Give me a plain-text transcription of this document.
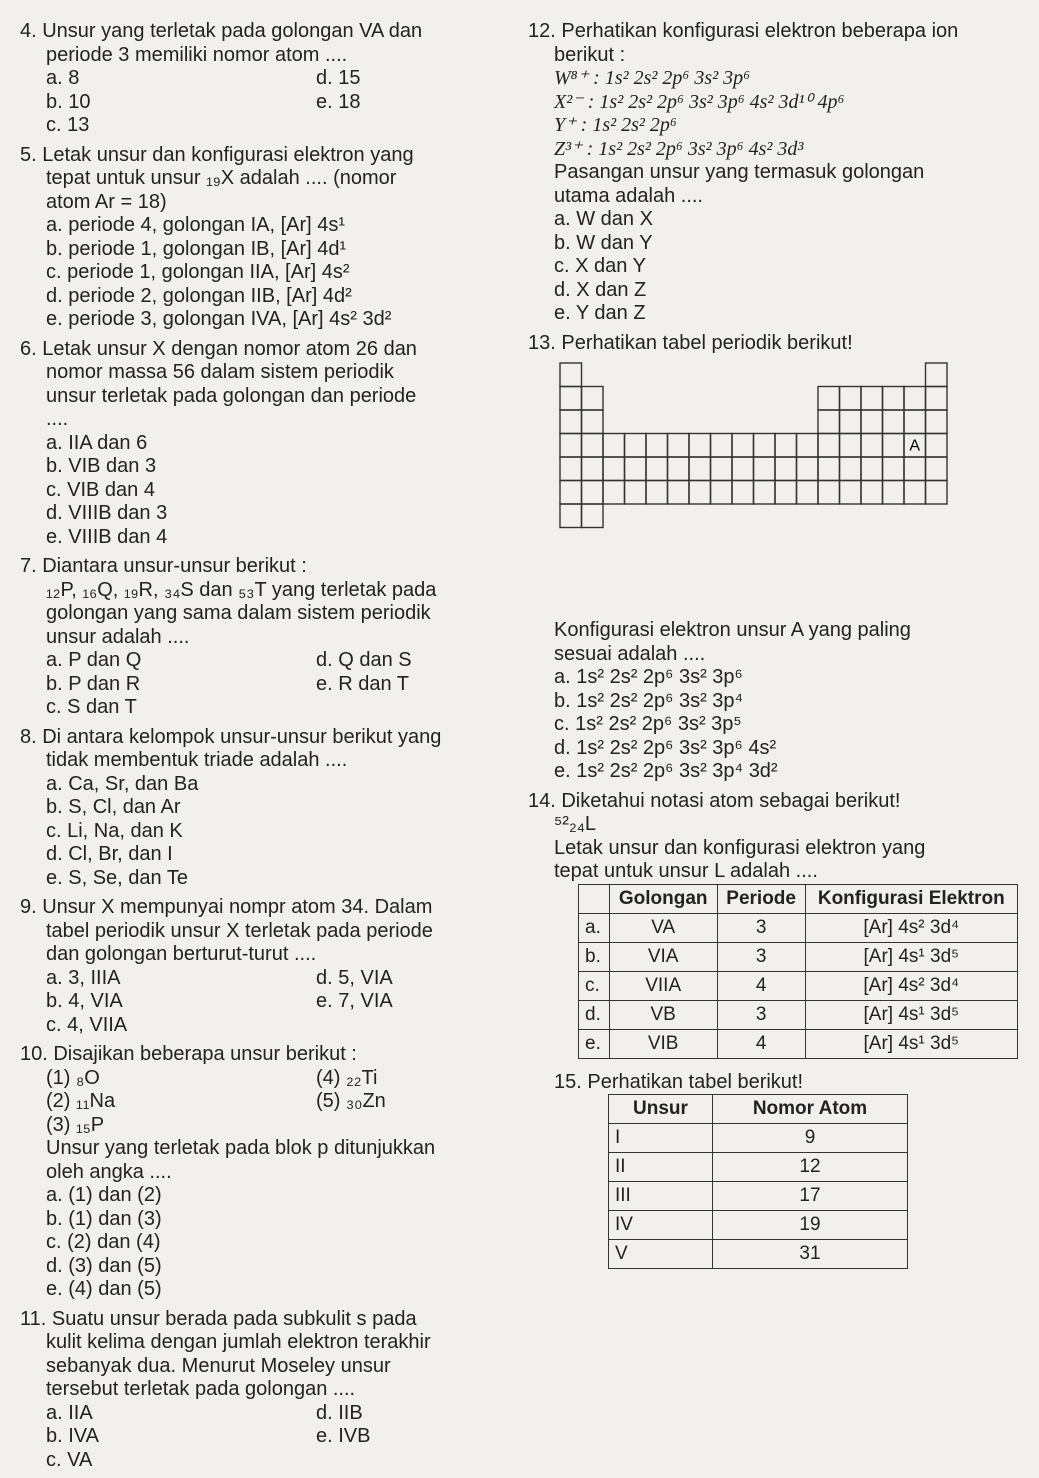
4. Unsur yang terletak pada golongan VA dan
periode 3 memiliki nomor atom ....
a. 8	d. 15
b. 10	e. 18
c. 13
5. Letak unsur dan konfigurasi elektron yang
tepat untuk unsur ₁₉X adalah .... (nomor
atom Ar = 18)
a. periode 4, golongan IA, [Ar] 4s¹
b. periode 1, golongan IB, [Ar] 4d¹
c. periode 1, golongan IIA, [Ar] 4s²
d. periode 2, golongan IIB, [Ar] 4d²
e. periode 3, golongan IVA, [Ar] 4s² 3d²
6. Letak unsur X dengan nomor atom 26 dan
nomor massa 56 dalam sistem periodik
unsur terletak pada golongan dan periode
....
a. IIA dan 6
b. VIB dan 3
c. VIB dan 4
d. VIIIB dan 3
e. VIIIB dan 4
7. Diantara unsur-unsur berikut :
₁₂P, ₁₆Q, ₁₉R, ₃₄S dan ₅₃T yang terletak pada
golongan yang sama dalam sistem periodik
unsur adalah ....
a. P dan Q	d. Q dan S
b. P dan R	e. R dan T
c. S dan T
8. Di antara kelompok unsur-unsur berikut yang
tidak membentuk triade adalah ....
a. Ca, Sr, dan Ba
b. S, Cl, dan Ar
c. Li, Na, dan K
d. Cl, Br, dan I
e. S, Se, dan Te
9. Unsur X mempunyai nompr atom 34. Dalam
tabel periodik unsur X terletak pada periode
dan golongan berturut-turut ....
a. 3, IIIA	d. 5, VIA
b. 4, VIA	e. 7, VIA
c. 4, VIIA
10. Disajikan beberapa unsur berikut :
(1) ₈O	(4) ₂₂Ti
(2) ₁₁Na	(5) ₃₀Zn
(3) ₁₅P
Unsur yang terletak pada blok p ditunjukkan
oleh angka ....
a. (1) dan (2)
b. (1) dan (3)
c. (2) dan (4)
d. (3) dan (5)
e. (4) dan (5)
11. Suatu unsur berada pada subkulit s pada
kulit kelima dengan jumlah elektron terakhir
sebanyak dua. Menurut Moseley unsur
tersebut terletak pada golongan ....
a. IIA	d. IIB
b. IVA	e. IVB
c. VA
12. Perhatikan konfigurasi elektron beberapa ion
berikut :
W⁸⁺ : 1s² 2s² 2p⁶ 3s² 3p⁶
X²⁻ : 1s² 2s² 2p⁶ 3s² 3p⁶ 4s² 3d¹⁰ 4p⁶
Y⁺ : 1s² 2s² 2p⁶
Z³⁺ : 1s² 2s² 2p⁶ 3s² 3p⁶ 4s² 3d³
Pasangan unsur yang termasuk golongan
utama adalah ....
a. W dan X
b. W dan Y
c. X dan Y
d. X dan Z
e. Y dan Z
13. Perhatikan tabel periodik berikut!
A
Konfigurasi elektron unsur A yang paling
sesuai adalah ....
a. 1s² 2s² 2p⁶ 3s² 3p⁶
b. 1s² 2s² 2p⁶ 3s² 3p⁴
c. 1s² 2s² 2p⁶ 3s² 3p⁵
d. 1s² 2s² 2p⁶ 3s² 3p⁶ 4s²
e. 1s² 2s² 2p⁶ 3s² 3p⁴ 3d²
14. Diketahui notasi atom sebagai berikut!
⁵²₂₄L
Letak unsur dan konfigurasi elektron yang
tepat untuk unsur L adalah ....
	Golongan	Periode	Konfigurasi Elektron
a.	VA	3	[Ar] 4s² 3d⁴
b.	VIA	3	[Ar] 4s¹ 3d⁵
c.	VIIA	4	[Ar] 4s² 3d⁴
d.	VB	3	[Ar] 4s¹ 3d⁵
e.	VIB	4	[Ar] 4s¹ 3d⁵
15. Perhatikan tabel berikut!
Unsur	Nomor Atom
I	9
II	12
III	17
IV	19
V	31
